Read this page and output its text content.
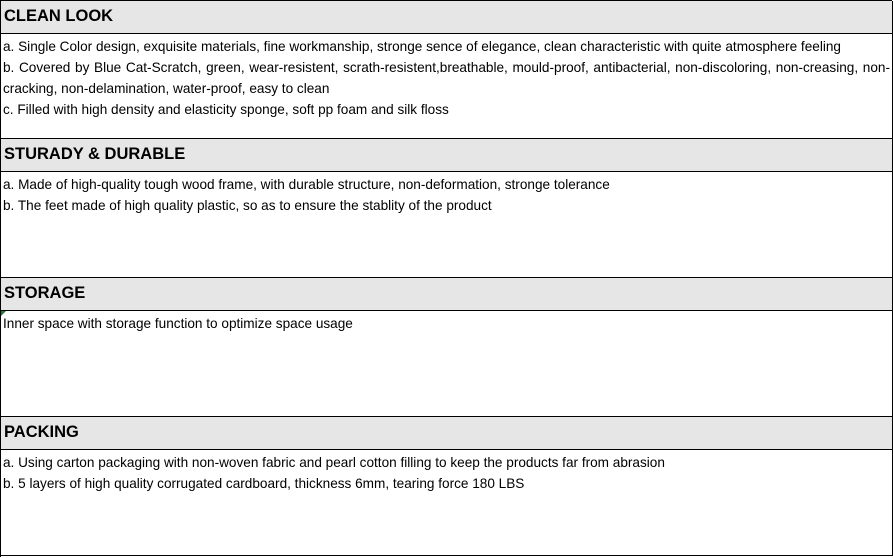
CLEAN LOOK

a. Single Color design, exquisite materials, fine workmanship, stronge sence of elegance, clean characteristic with quite atmosphere feeling

b. Covered by Blue Cat-Scratch, green, wear-resistent, scrath-resistent,breathable, mould-proof, antibacterial, non-discoloring, non-creasing, non-cracking, non-delamination, water-proof, easy to clean

c. Filled with high density and elasticity sponge, soft pp foam and silk floss

STURADY & DURABLE

a. Made of high-quality tough wood frame, with durable structure, non-deformation, stronge tolerance

b. The feet made of high quality plastic, so as to ensure the stablity of the product

STORAGE

Inner space with storage function to optimize space usage

PACKING

a. Using carton packaging with non-woven fabric and pearl cotton filling to keep the products far from abrasion

b. 5 layers of high quality corrugated cardboard, thickness 6mm, tearing force 180 LBS
